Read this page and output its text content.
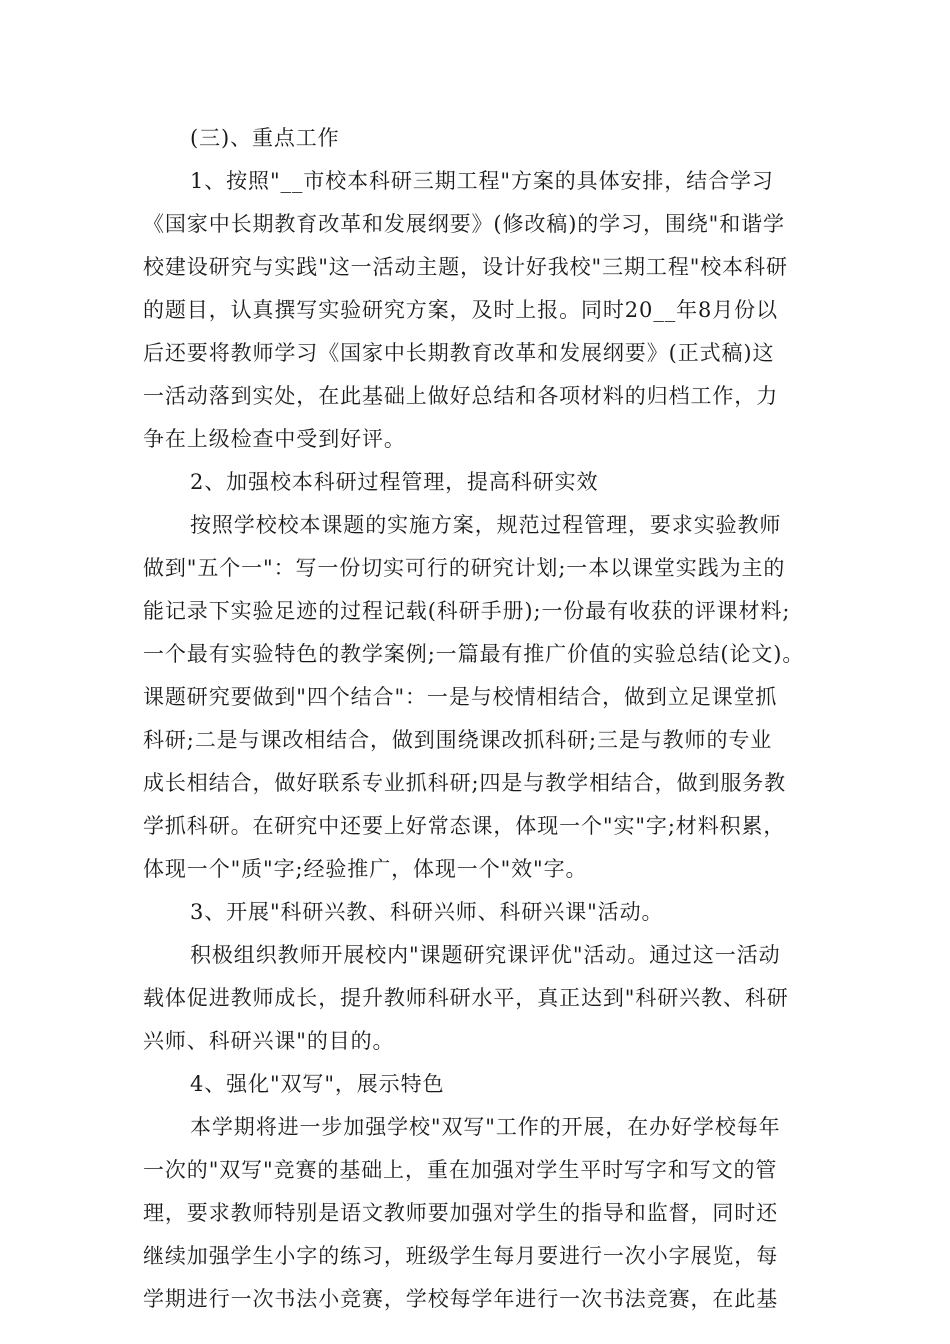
(三)、重点工作
1、按照"__市校本科研三期工程"方案的具体安排，结合学习
《国家中长期教育改革和发展纲要》(修改稿)的学习，围绕"和谐学
校建设研究与实践"这一活动主题，设计好我校"三期工程"校本科研
的题目，认真撰写实验研究方案，及时上报。同时20__年8月份以
后还要将教师学习《国家中长期教育改革和发展纲要》(正式稿)这
一活动落到实处，在此基础上做好总结和各项材料的归档工作，力
争在上级检查中受到好评。
2、加强校本科研过程管理，提高科研实效
按照学校校本课题的实施方案，规范过程管理，要求实验教师
做到"五个一"：写一份切实可行的研究计划;一本以课堂实践为主的
能记录下实验足迹的过程记载(科研手册);一份最有收获的评课材料;
一个最有实验特色的教学案例;一篇最有推广价值的实验总结(论文)。
课题研究要做到"四个结合"：一是与校情相结合，做到立足课堂抓
科研;二是与课改相结合，做到围绕课改抓科研;三是与教师的专业
成长相结合，做好联系专业抓科研;四是与教学相结合，做到服务教
学抓科研。在研究中还要上好常态课，体现一个"实"字;材料积累，
体现一个"质"字;经验推广，体现一个"效"字。
3、开展"科研兴教、科研兴师、科研兴课"活动。
积极组织教师开展校内"课题研究课评优"活动。通过这一活动
载体促进教师成长，提升教师科研水平，真正达到"科研兴教、科研
兴师、科研兴课"的目的。
4、强化"双写"，展示特色
本学期将进一步加强学校"双写"工作的开展，在办好学校每年
一次的"双写"竞赛的基础上，重在加强对学生平时写字和写文的管
理，要求教师特别是语文教师要加强对学生的指导和监督，同时还
继续加强学生小字的练习，班级学生每月要进行一次小字展览，每
学期进行一次书法小竞赛，学校每学年进行一次书法竞赛，在此基
